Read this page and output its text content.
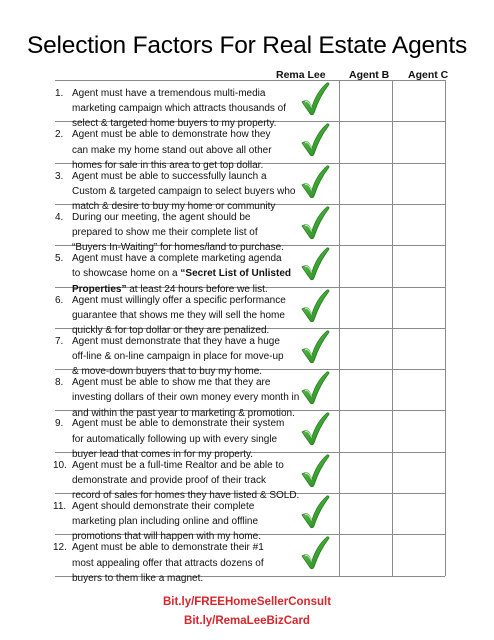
Selection Factors For Real Estate Agents
Rema Lee Agent B Agent C
1. Agent must have a tremendous multi-media
marketing campaign which attracts thousands of
select & targeted home buyers to my property.
2. Agent must be able to demonstrate how they
can make my home stand out above all other
homes for sale in this area to get top dollar.
3. Agent must be able to successfully launch a
Custom & targeted campaign to select buyers who
match & desire to buy my home or community
4. During our meeting, the agent should be
prepared to show me their complete list of
“Buyers In-Waiting” for homes/land to purchase.
5. Agent must have a complete marketing agenda
to showcase home on a “Secret List of Unlisted
Properties” at least 24 hours before we list.
6. Agent must willingly offer a specific performance
guarantee that shows me they will sell the home
quickly & for top dollar or they are penalized.
7. Agent must demonstrate that they have a huge
off-line & on-line campaign in place for move-up
& move-down buyers that to buy my home.
8. Agent must be able to show me that they are
investing dollars of their own money every month in
and within the past year to marketing & promotion.
9. Agent must be able to demonstrate their system
for automatically following up with every single
buyer lead that comes in for my property.
10. Agent must be a full-time Realtor and be able to
demonstrate and provide proof of their track
record of sales for homes they have listed & SOLD.
11. Agent should demonstrate their complete
marketing plan including online and offline
promotions that will happen with my home.
12. Agent must be able to demonstrate their #1
most appealing offer that attracts dozens of
buyers to them like a magnet.
Bit.ly/FREEHomeSellerConsult
Bit.ly/RemaLeeBizCard
